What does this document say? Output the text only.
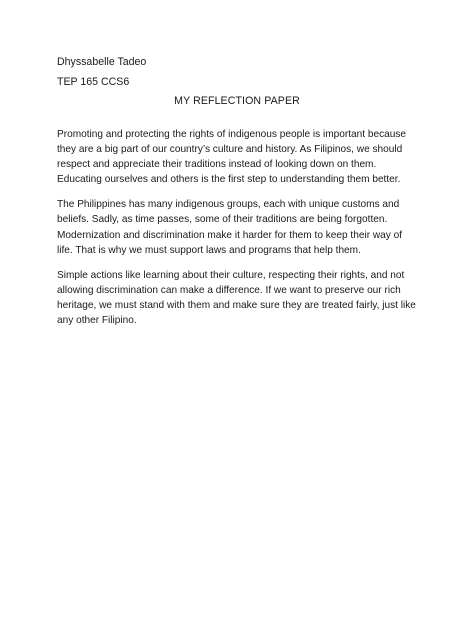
Dhyssabelle Tadeo
TEP 165 CCS6
MY REFLECTION PAPER

Promoting and protecting the rights of indigenous people is important because they are a big part of our country’s culture and history. As Filipinos, we should respect and appreciate their traditions instead of looking down on them. Educating ourselves and others is the first step to understanding them better.

The Philippines has many indigenous groups, each with unique customs and beliefs. Sadly, as time passes, some of their traditions are being forgotten. Modernization and discrimination make it harder for them to keep their way of life. That is why we must support laws and programs that help them.

Simple actions like learning about their culture, respecting their rights, and not allowing discrimination can make a difference. If we want to preserve our rich heritage, we must stand with them and make sure they are treated fairly, just like any other Filipino.
